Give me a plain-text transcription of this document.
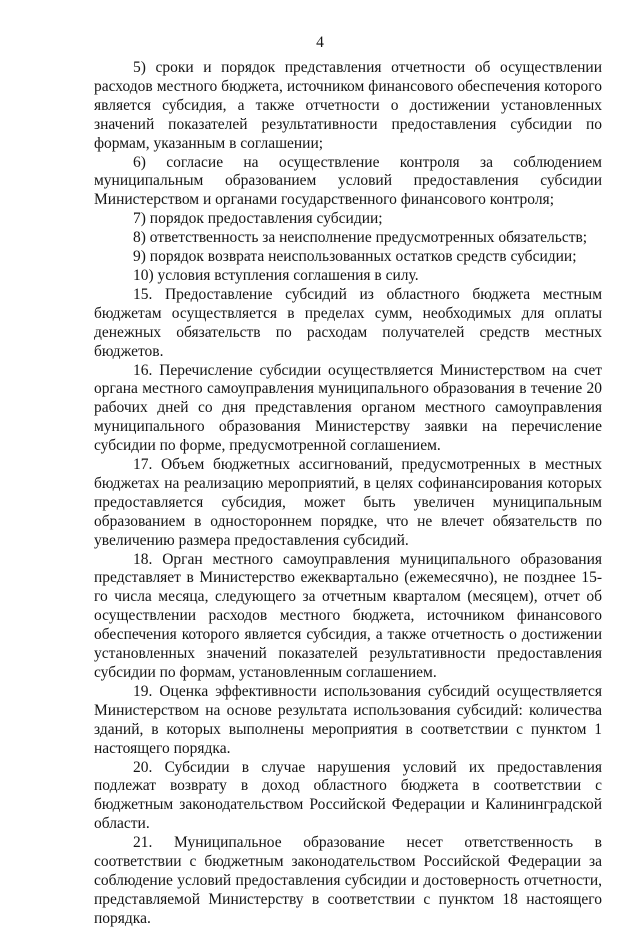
4

5) сроки и порядок представления отчетности об осуществлении расходов местного бюджета, источником финансового обеспечения которого является субсидия, а также отчетности о достижении установленных значений показателей результативности предоставления субсидии по формам, указанным в соглашении;

6) согласие на осуществление контроля за соблюдением муниципальным образованием условий предоставления субсидии Министерством и органами государственного финансового контроля;

7) порядок предоставления субсидии;

8) ответственность за неисполнение предусмотренных обязательств;

9) порядок возврата неиспользованных остатков средств субсидии;

10) условия вступления соглашения в силу.

15. Предоставление субсидий из областного бюджета местным бюджетам осуществляется в пределах сумм, необходимых для оплаты денежных обязательств по расходам получателей средств местных бюджетов.

16. Перечисление субсидии осуществляется Министерством на счет органа местного самоуправления муниципального образования в течение 20 рабочих дней со дня представления органом местного самоуправления муниципального образования Министерству заявки на перечисление субсидии по форме, предусмотренной соглашением.

17. Объем бюджетных ассигнований, предусмотренных в местных бюджетах на реализацию мероприятий, в целях софинансирования которых предоставляется субсидия, может быть увеличен муниципальным образованием в одностороннем порядке, что не влечет обязательств по увеличению размера предоставления субсидий.

18. Орган местного самоуправления муниципального образования представляет в Министерство ежеквартально (ежемесячно), не позднее 15-го числа месяца, следующего за отчетным кварталом (месяцем), отчет об осуществлении расходов местного бюджета, источником финансового обеспечения которого является субсидия, а также отчетность о достижении установленных значений показателей результативности предоставления субсидии по формам, установленным соглашением.

19. Оценка эффективности использования субсидий осуществляется Министерством на основе результата использования субсидий: количества зданий, в которых выполнены мероприятия в соответствии с пунктом 1 настоящего порядка.

20. Субсидии в случае нарушения условий их предоставления подлежат возврату в доход областного бюджета в соответствии с бюджетным законодательством Российской Федерации и Калининградской области.

21. Муниципальное образование несет ответственность в соответствии с бюджетным законодательством Российской Федерации за соблюдение условий предоставления субсидии и достоверность отчетности, представляемой Министерству в соответствии с пунктом 18 настоящего порядка.
